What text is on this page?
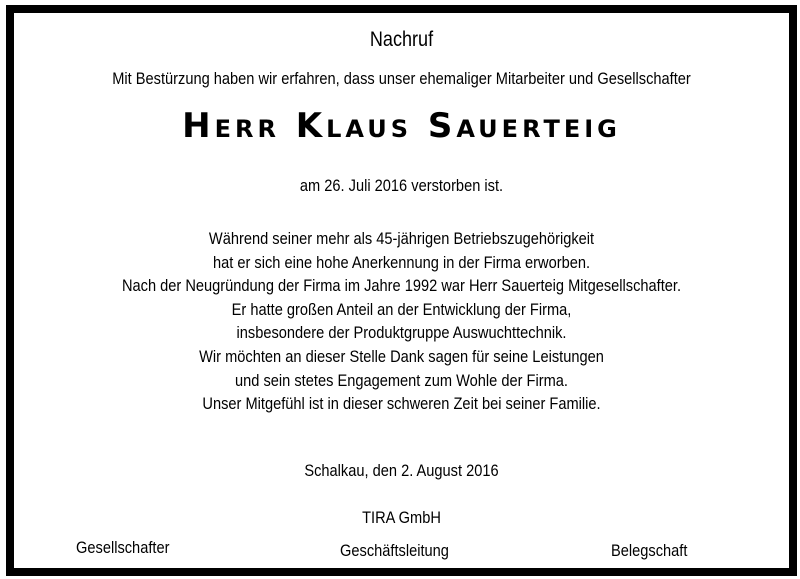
Nachruf
Mit Bestürzung haben wir erfahren, dass unser ehemaliger Mitarbeiter und Gesellschafter
Herr Klaus Sauerteig
am 26. Juli 2016 verstorben ist.
Während seiner mehr als 45-jährigen Betriebszugehörigkeit
hat er sich eine hohe Anerkennung in der Firma erworben.
Nach der Neugründung der Firma im Jahre 1992 war Herr Sauerteig Mitgesellschafter.
Er hatte großen Anteil an der Entwicklung der Firma,
insbesondere der Produktgruppe Auswuchttechnik.
Wir möchten an dieser Stelle Dank sagen für seine Leistungen
und sein stetes Engagement zum Wohle der Firma.
Unser Mitgefühl ist in dieser schweren Zeit bei seiner Familie.
Schalkau, den 2. August 2016
TIRA GmbH
Gesellschafter	Geschäftsleitung	Belegschaft
